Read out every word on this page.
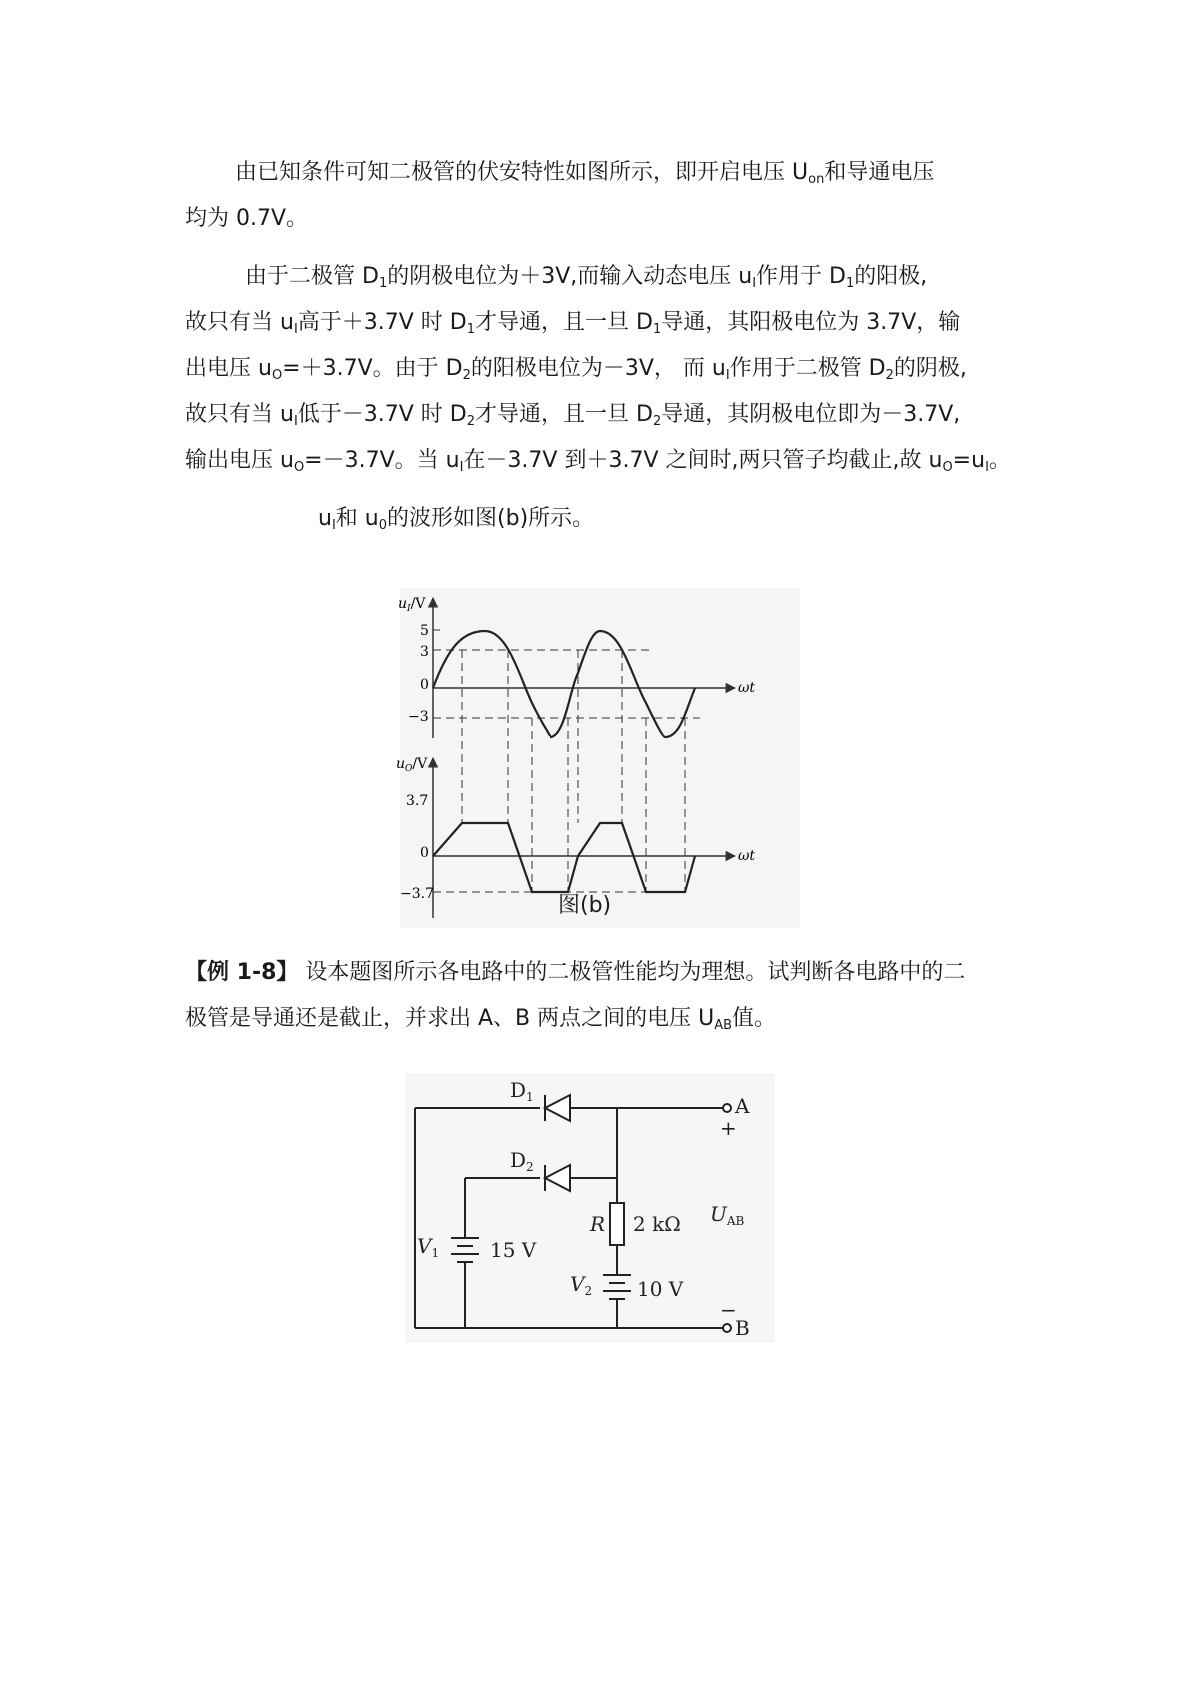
由已知条件可知二极管的伏安特性如图所示，即开启电压 $U_{on}$和导通电压

均为 0.7V。

由于二极管 $D_1$的阴极电位为＋3V,而输入动态电压 $u_I$作用于 $D_1$的阳极,

故只有当 $u_I$高于＋3.7V 时 $D_1$才导通，且一旦 $D_1$导通，其阳极电位为 3.7V，输

出电压 $u_O=+3.7V$。由于 $D_2$的阳极电位为－3V， 而 $u_I$作用于二极管 $D_2$的阴极,

故只有当 $u_I$低于－3.7V 时 $D_2$才导通，且一旦 $D_2$导通，其阴极电位即为－3.7V,

输出电压 $u_O=-3.7V$。当 $u_I$在－3.7V 到＋3.7V 之间时,两只管子均截止,故 $u_O=u_I$。

$u_I$和 $u_0$的波形如图(b)所示。

$u_I/V$
$u_O/V$
ωt
ωt
5
3
0
−3
3.7
0
−3.7	图(b)

【例 1-8】 设本题图所示各电路中的二极管性能均为理想。试判断各电路中的二

极管是导通还是截止，并求出 A、B 两点之间的电压 $U_{AB}$值。

$D_1$
$D_2$
R 2 kΩ
$V_1$	15 V
$V_2$ 10 V
A
B
+
−
$U_{AB}$
